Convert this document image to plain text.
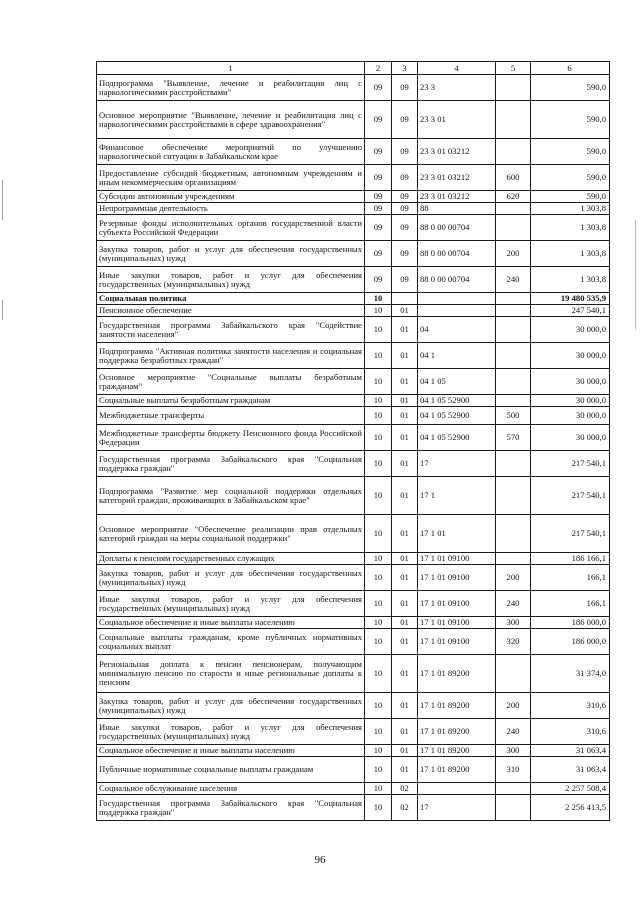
1	2	3	4	5	6
Подпрограмма "Выявление, лечение и реабилитация лиц с наркологическими расстройствами"	09	09	23 3		590,0
Основное мероприятие "Выявление, лечение и реабилитация лиц с наркологическими расстройствами в сфере здравоохранения"	09	09	23 3 01		590,0
Финансовое обеспечение мероприятий по улучшению наркологической ситуации в Забайкальском крае	09	09	23 3 01 03212		590,0
Предоставление субсидий бюджетным, автономным учреждениям и иным некоммерческим организациям	09	09	23 3 01 03212	600	590,0
Субсидии автономным учреждениям	09	09	23 3 01 03212	620	590,0
Непрограммная деятельность	09	09	88		1 303,8
Резервные фонды исполнительных органов государственной власти субъекта Российской Федерации	09	09	88 0 00 00704		1 303,8
Закупка товаров, работ и услуг для обеспечения государственных (муниципальных) нужд	09	09	88 0 00 00704	200	1 303,8
Иные закупки товаров, работ и услуг для обеспечения государственных (муниципальных) нужд	09	09	88 0 00 00704	240	1 303,8
Социальная политика	10				19 480 535,9
Пенсионное обеспечение	10	01			247 540,1
Государственная программа Забайкальского края "Содействие занятости населения"	10	01	04		30 000,0
Подпрограмма "Активная политика занятости населения и социальная поддержка безработных граждан"	10	01	04 1		30 000,0
Основное мероприятие "Социальные выплаты безработным гражданам"	10	01	04 1 05		30 000,0
Социальные выплаты безработным гражданам	10	01	04 1 05 52900		30 000,0
Межбюджетные трансферты	10	01	04 1 05 52900	500	30 000,0
Межбюджетные трансферты бюджету Пенсионного фонда Российской Федерации	10	01	04 1 05 52900	570	30 000,0
Государственная программа Забайкальского края "Социальная поддержка граждан"	10	01	17		217 540,1
Подпрограмма "Развитие мер социальной поддержки отдельных категорий граждан, проживающих в Забайкальском крае"	10	01	17 1		217 540,1
Основное мероприятие "Обеспечение реализации прав отдельных категорий граждан на меры социальной поддержки"	10	01	17 1 01		217 540,1
Доплаты к пенсиям государственных служащих	10	01	17 1 01 09100		186 166,1
Закупка товаров, работ и услуг для обеспечения государственных (муниципальных) нужд	10	01	17 1 01 09100	200	166,1
Иные закупки товаров, работ и услуг для обеспечения государственных (муниципальных) нужд	10	01	17 1 01 09100	240	166,1
Социальное обеспечение и иные выплаты населению	10	01	17 1 01 09100	300	186 000,0
Социальные выплаты гражданам, кроме публичных нормативных социальных выплат	10	01	17 1 01 09100	320	186 000,0
Региональная доплата к пенсии пенсионерам, получающим минимальную пенсию по старости и иные региональные доплаты к пенсиям	10	01	17 1 01 89200		31 374,0
Закупка товаров, работ и услуг для обеспечения государственных (муниципальных) нужд	10	01	17 1 01 89200	200	310,6
Иные закупки товаров, работ и услуг для обеспечения государственных (муниципальных) нужд	10	01	17 1 01 89200	240	310,6
Социальное обеспечение и иные выплаты населению	10	01	17 1 01 89200	300	31 063,4
Публичные нормативные социальные выплаты гражданам	10	01	17 1 01 89200	310	31 063,4
Социальное обслуживание населения	10	02			2 257 508,4
Государственная программа Забайкальского края "Социальная поддержка граждан"	10	02	17		2 256 413,5
96
